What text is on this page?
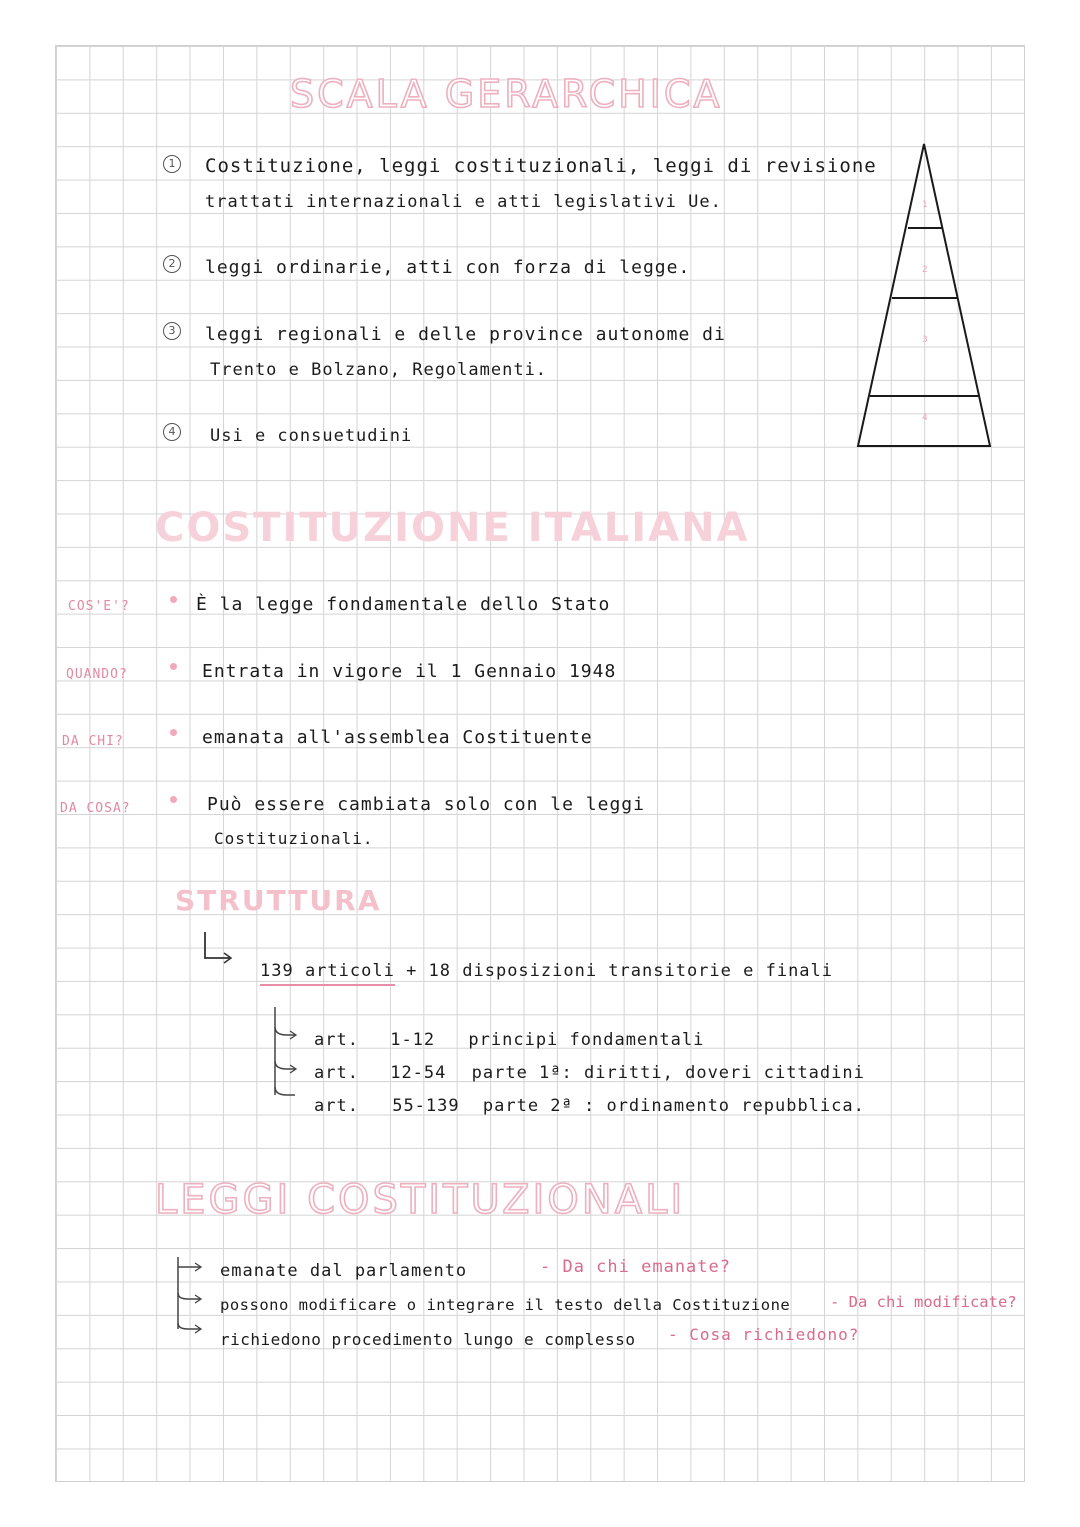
SCALA GERARCHICA
1 Costituzione, leggi costituzionali, leggi di revisione
trattati internazionali e atti legislativi Ue.
2	leggi ordinarie, atti con forza di legge.
3	leggi regionali e delle province autonome di
Trento e Bolzano, Regolamenti.
4	Usi e consuetudini
1
2
3
4
COSTITUZIONE ITALIANA
COS'E'?	È la legge fondamentale dello Stato
QUANDO?	Entrata in vigore il 1 Gennaio 1948
DA CHI?	emanata all'assemblea Costituente
DA COSA?	Può essere cambiata solo con le leggi
Costituzionali.
STRUTTURA
139 articoli + 18 disposizioni transitorie e finali
art. 1-12 principi fondamentali
art. 12-54 parte 1ª: diritti, doveri cittadini
art. 55-139 parte 2ª : ordinamento repubblica.
LEGGI COSTITUZIONALI
emanate dal parlamento	- Da chi emanate?
possono modificare o integrare il testo della Costituzione	- Da chi modificate?
richiedono procedimento lungo e complesso - Cosa richiedono?
